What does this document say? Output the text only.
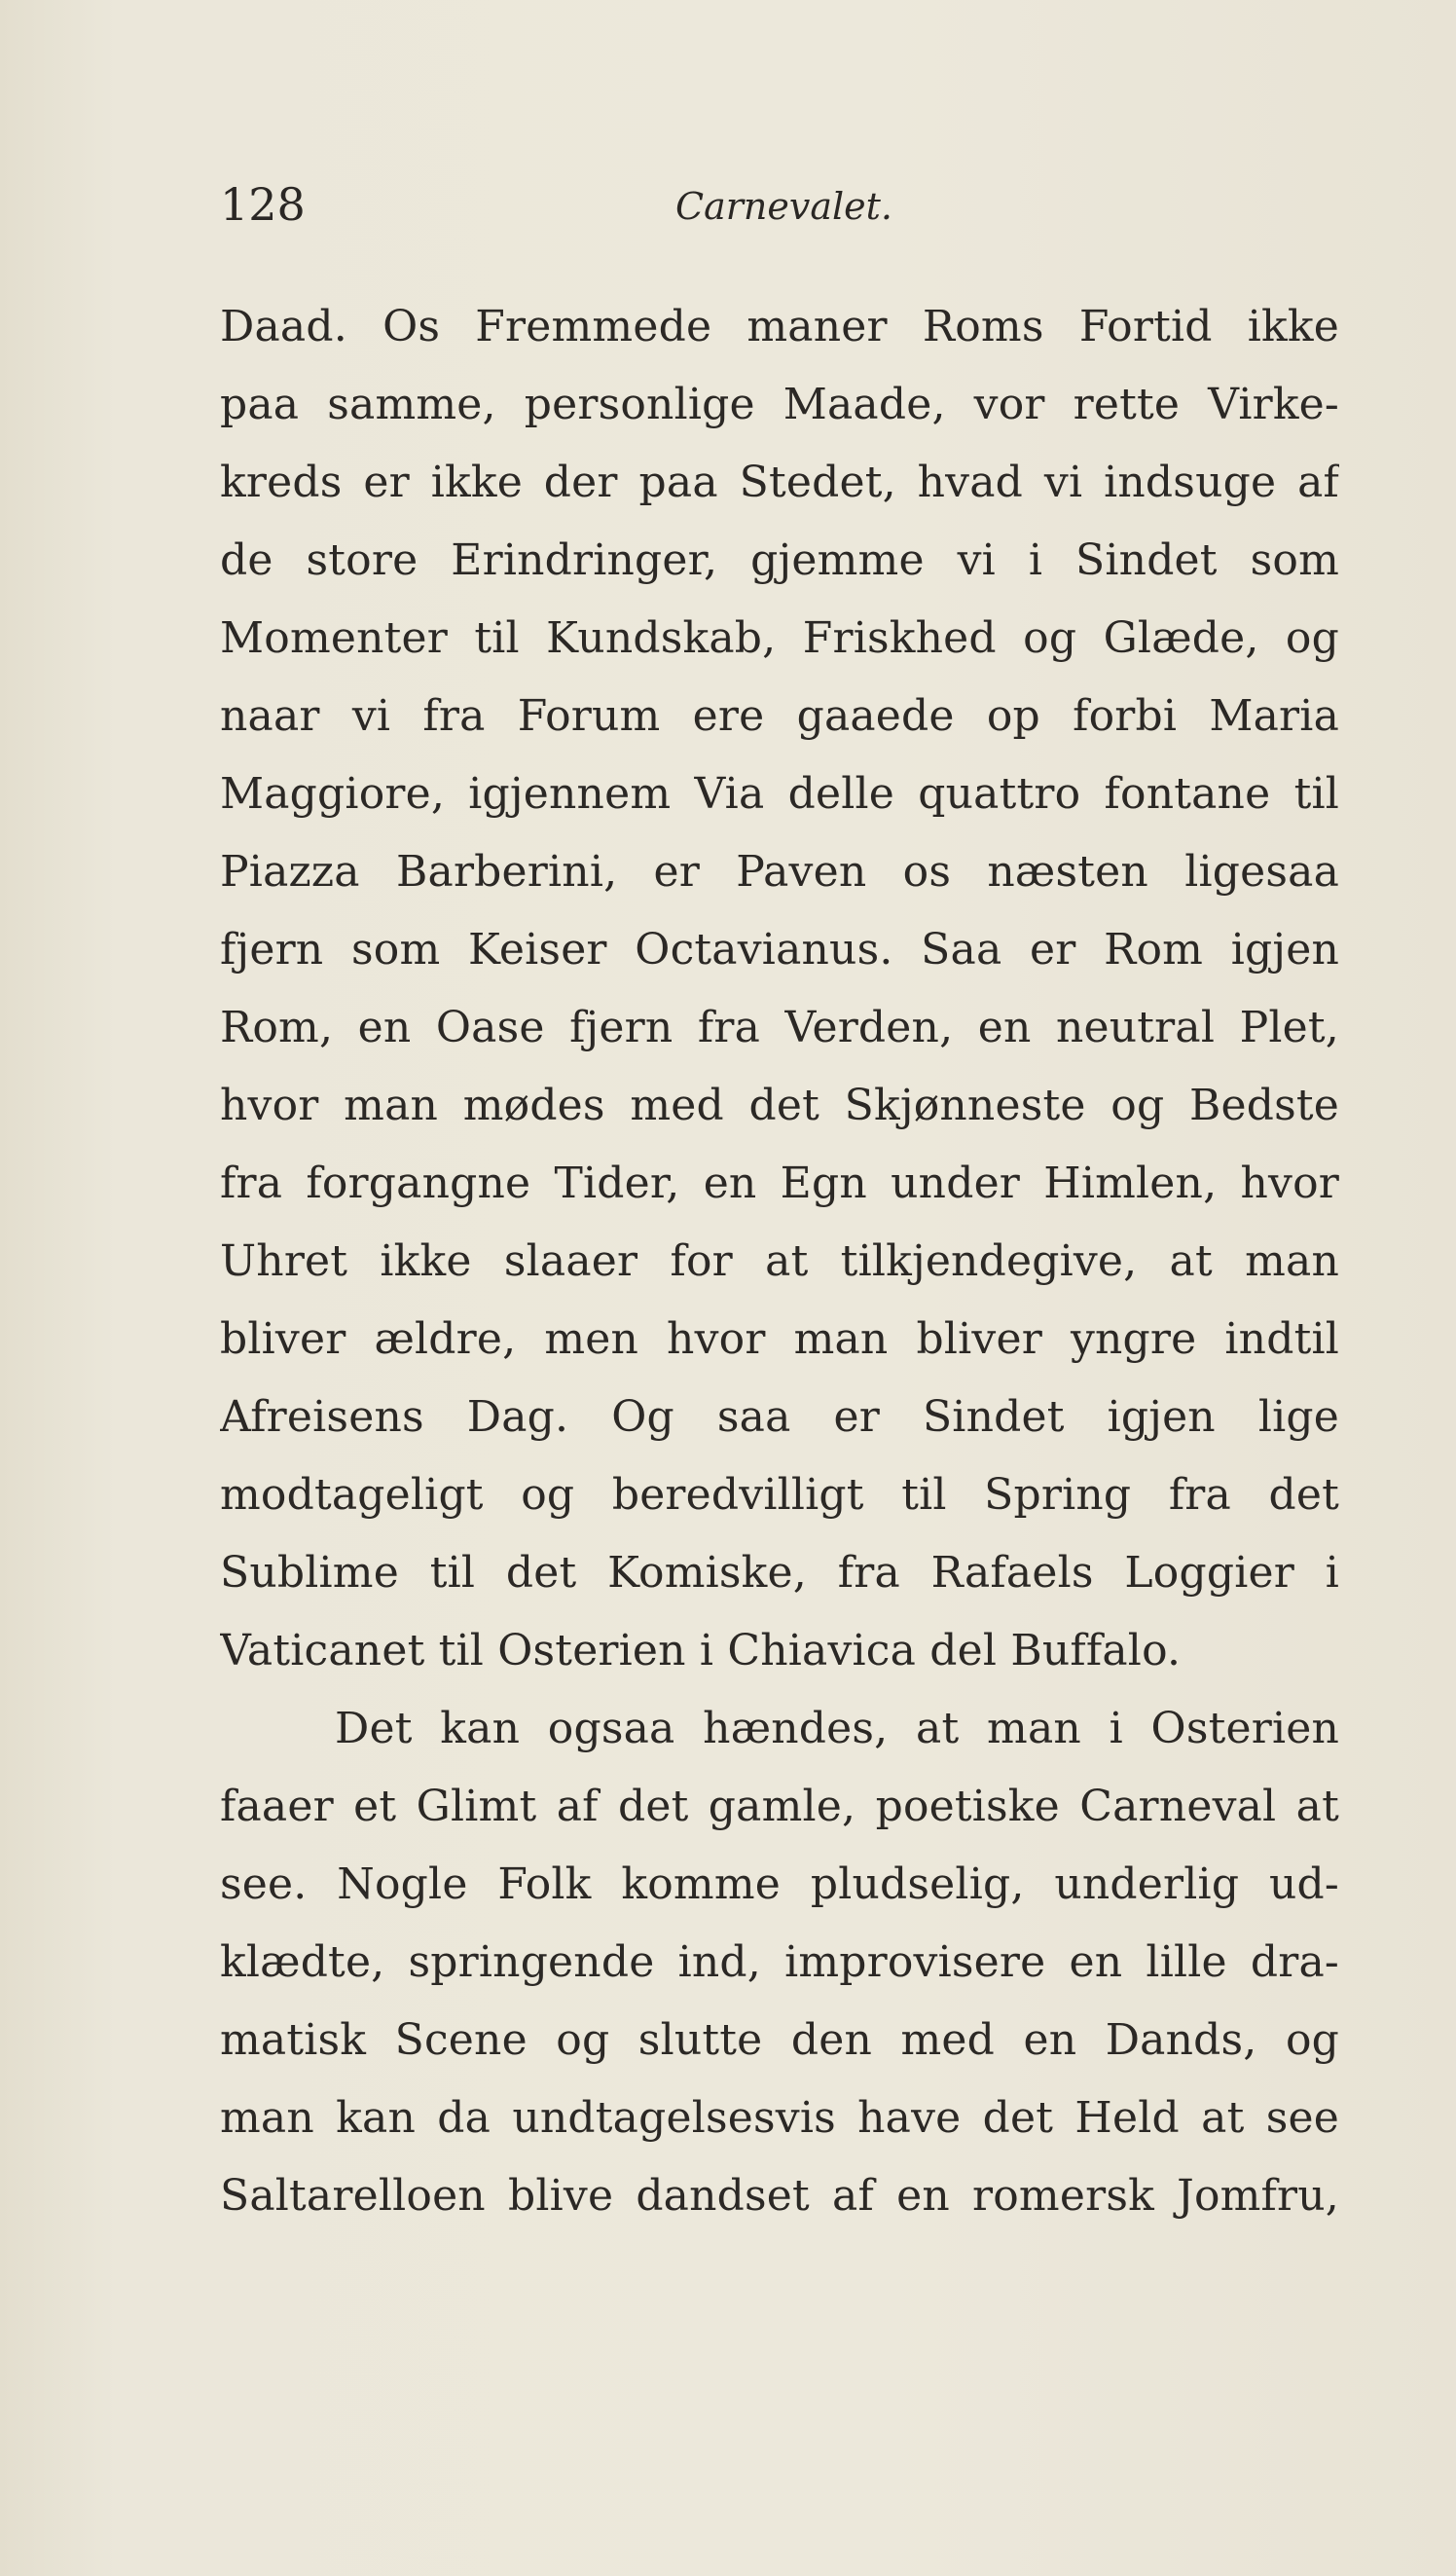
128	Carnevalet.
Daad. Os Fremmede maner Roms Fortid ikke
paa samme, personlige Maade, vor rette Virke-
kreds er ikke der paa Stedet, hvad vi indsuge af
de store Erindringer, gjemme vi i Sindet som
Momenter til Kundskab, Friskhed og Glæde, og
naar vi fra Forum ere gaaede op forbi Maria
Maggiore, igjennem Via delle quattro fontane til
Piazza Barberini, er Paven os næsten ligesaa
fjern som Keiser Octavianus. Saa er Rom igjen
Rom, en Oase fjern fra Verden, en neutral Plet,
hvor man mødes med det Skjønneste og Bedste
fra forgangne Tider, en Egn under Himlen, hvor
Uhret ikke slaaer for at tilkjendegive, at man
bliver ældre, men hvor man bliver yngre indtil
Afreisens Dag. Og saa er Sindet igjen lige
modtageligt og beredvilligt til Spring fra det
Sublime til det Komiske, fra Rafaels Loggier i
Vaticanet til Osterien i Chiavica del Buffalo.
Det kan ogsaa hændes, at man i Osterien
faaer et Glimt af det gamle, poetiske Carneval at
see. Nogle Folk komme pludselig, underlig ud-
klædte, springende ind, improvisere en lille dra-
matisk Scene og slutte den med en Dands, og
man kan da undtagelsesvis have det Held at see
Saltarelloen blive dandset af en romersk Jomfru,
